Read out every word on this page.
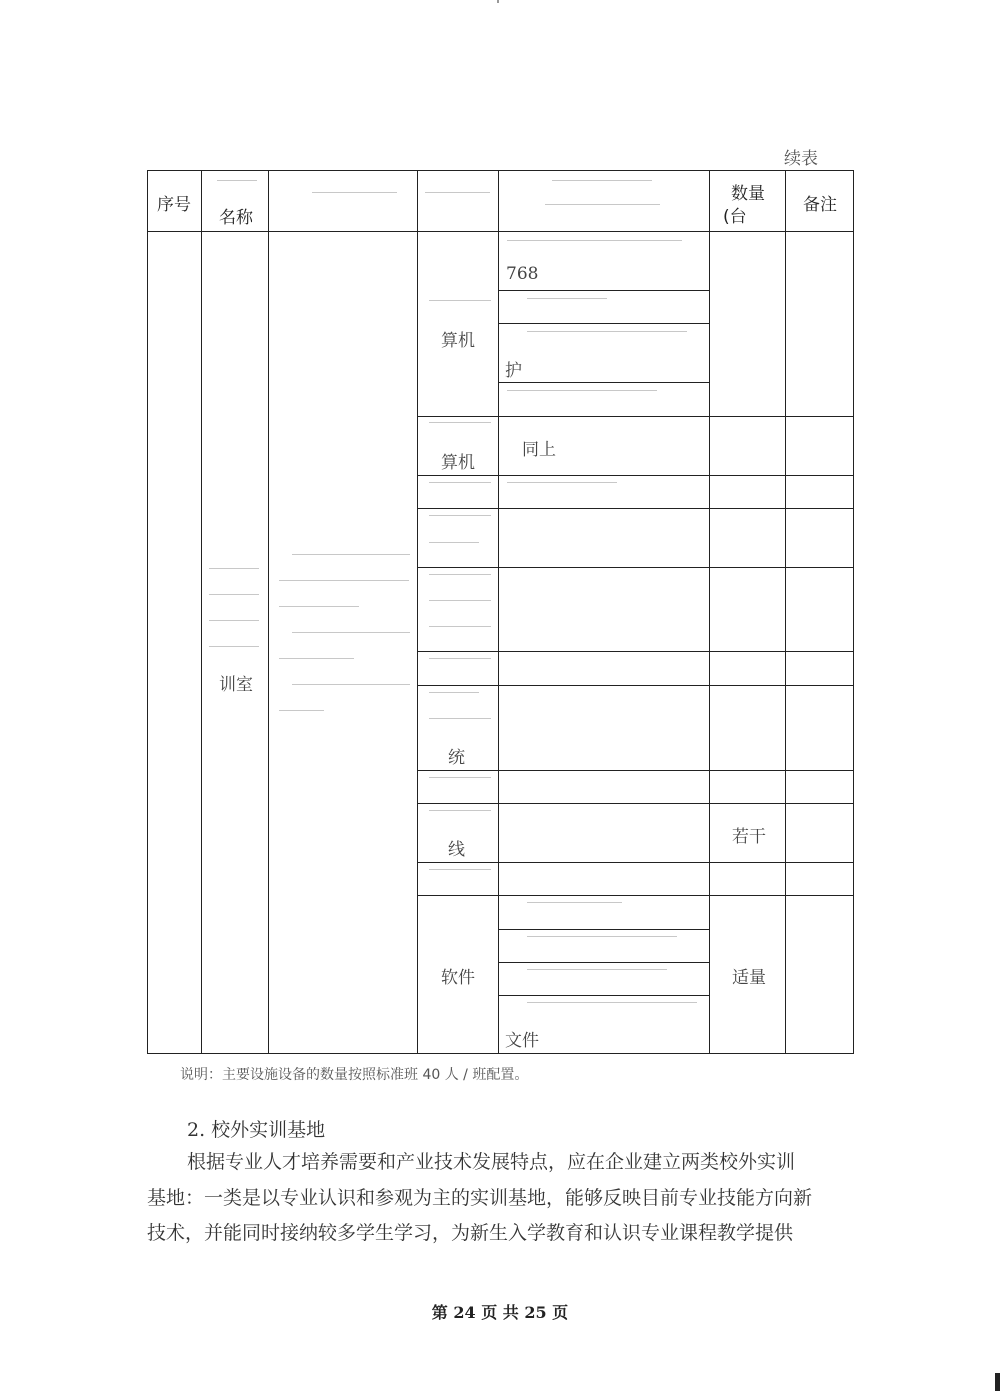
续表
序号
名称
数量
(台
备注
训室
算机
768
护
算机
同上
统
线
若干
软件	适量
文件
说明：主要设施设备的数量按照标准班 40 人 / 班配置。
2. 校外实训基地
根据专业人才培养需要和产业技术发展特点，应在企业建立两类校外实训
基地：一类是以专业认识和参观为主的实训基地，能够反映目前专业技能方向新
技术，并能同时接纳较多学生学习，为新生入学教育和认识专业课程教学提供
第 24 页 共 25 页
